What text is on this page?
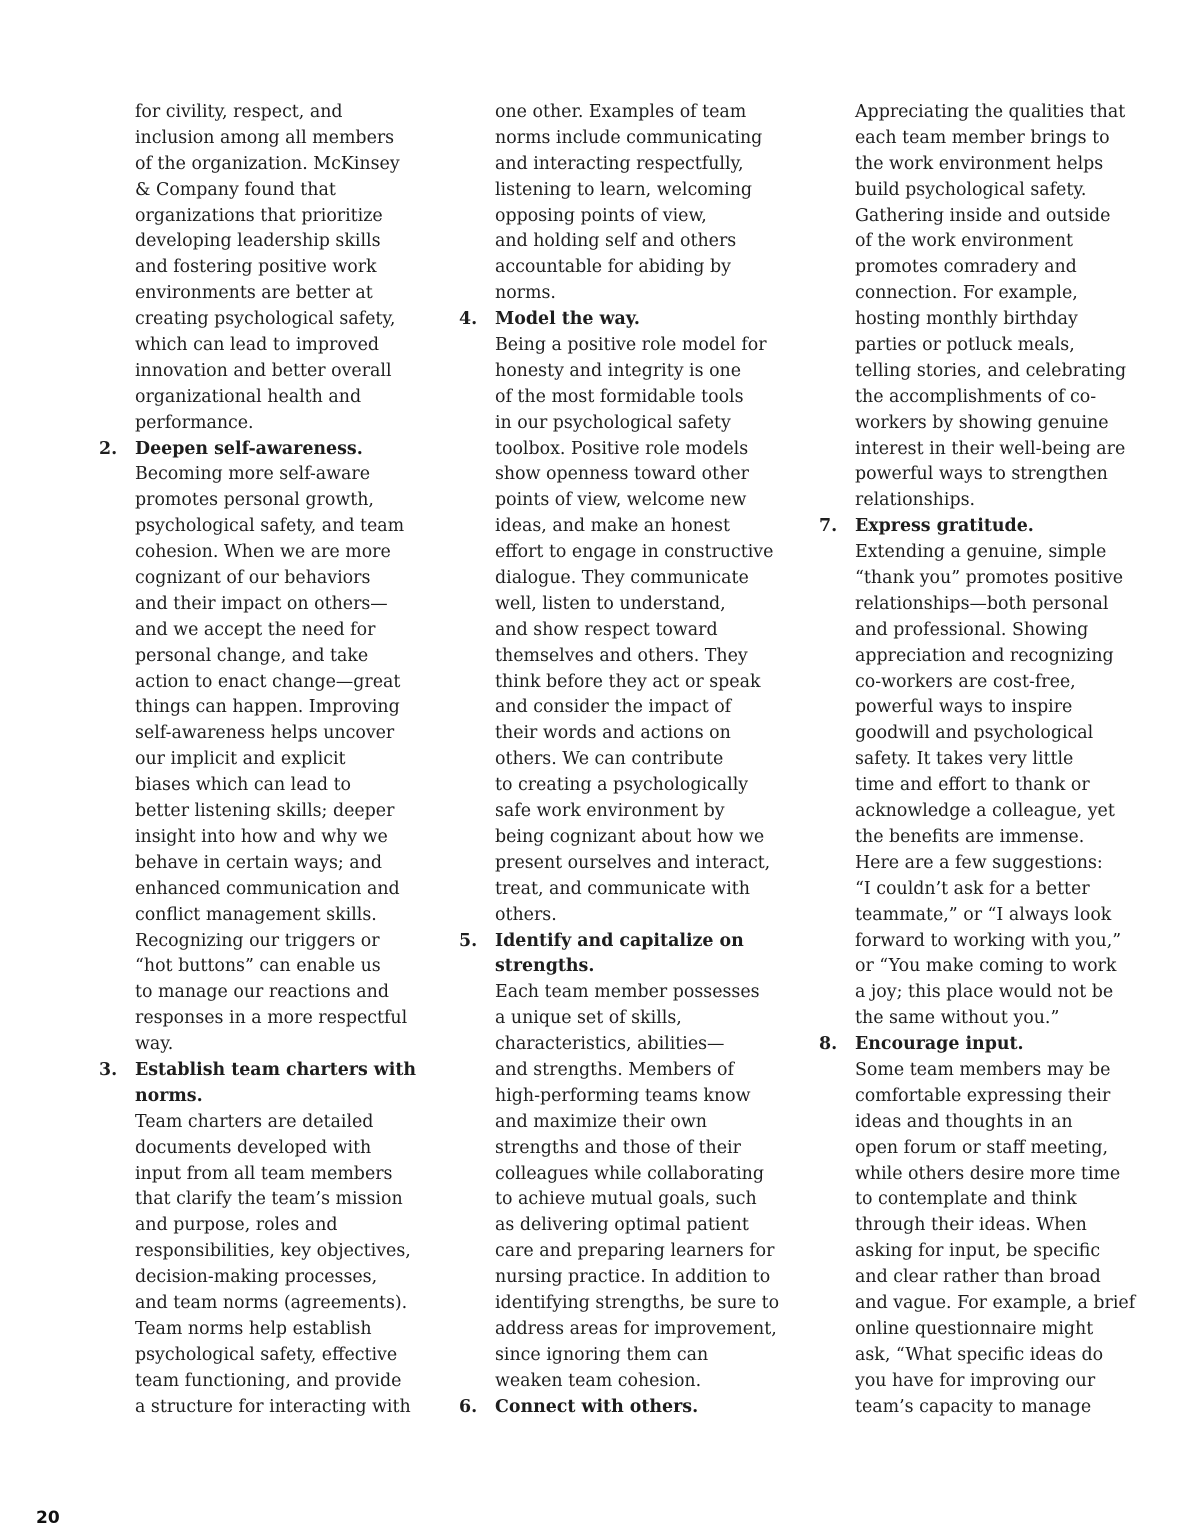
for civility, respect, and
inclusion among all members
of the organization. McKinsey
& Company found that
organizations that prioritize
developing leadership skills
and fostering positive work
environments are better at
creating psychological safety,
which can lead to improved
innovation and better overall
organizational health and
performance.
2. Deepen self-awareness.
Becoming more self-aware
promotes personal growth,
psychological safety, and team
cohesion. When we are more
cognizant of our behaviors
and their impact on others—
and we accept the need for
personal change, and take
action to enact change—great
things can happen. Improving
self-awareness helps uncover
our implicit and explicit
biases which can lead to
better listening skills; deeper
insight into how and why we
behave in certain ways; and
enhanced communication and
conflict management skills.
Recognizing our triggers or
“hot buttons” can enable us
to manage our reactions and
responses in a more respectful
way.
3. Establish team charters with
norms.
Team charters are detailed
documents developed with
input from all team members
that clarify the team’s mission
and purpose, roles and
responsibilities, key objectives,
decision-making processes,
and team norms (agreements).
Team norms help establish
psychological safety, effective
team functioning, and provide
a structure for interacting with
one other. Examples of team
norms include communicating
and interacting respectfully,
listening to learn, welcoming
opposing points of view,
and holding self and others
accountable for abiding by
norms.
4. Model the way.
Being a positive role model for
honesty and integrity is one
of the most formidable tools
in our psychological safety
toolbox. Positive role models
show openness toward other
points of view, welcome new
ideas, and make an honest
effort to engage in constructive
dialogue. They communicate
well, listen to understand,
and show respect toward
themselves and others. They
think before they act or speak
and consider the impact of
their words and actions on
others. We can contribute
to creating a psychologically
safe work environment by
being cognizant about how we
present ourselves and interact,
treat, and communicate with
others.
5. Identify and capitalize on
strengths.
Each team member possesses
a unique set of skills,
characteristics, abilities—
and strengths. Members of
high-performing teams know
and maximize their own
strengths and those of their
colleagues while collaborating
to achieve mutual goals, such
as delivering optimal patient
care and preparing learners for
nursing practice. In addition to
identifying strengths, be sure to
address areas for improvement,
since ignoring them can
weaken team cohesion.
6. Connect with others.
Appreciating the qualities that
each team member brings to
the work environment helps
build psychological safety.
Gathering inside and outside
of the work environment
promotes comradery and
connection. For example,
hosting monthly birthday
parties or potluck meals,
telling stories, and celebrating
the accomplishments of co-
workers by showing genuine
interest in their well-being are
powerful ways to strengthen
relationships.
7. Express gratitude.
Extending a genuine, simple
“thank you” promotes positive
relationships—both personal
and professional. Showing
appreciation and recognizing
co-workers are cost-free,
powerful ways to inspire
goodwill and psychological
safety. It takes very little
time and effort to thank or
acknowledge a colleague, yet
the benefits are immense.
Here are a few suggestions:
“I couldn’t ask for a better
teammate,” or “I always look
forward to working with you,”
or “You make coming to work
a joy; this place would not be
the same without you.”
8. Encourage input.
Some team members may be
comfortable expressing their
ideas and thoughts in an
open forum or staff meeting,
while others desire more time
to contemplate and think
through their ideas. When
asking for input, be specific
and clear rather than broad
and vague. For example, a brief
online questionnaire might
ask, “What specific ideas do
you have for improving our
team’s capacity to manage
20
